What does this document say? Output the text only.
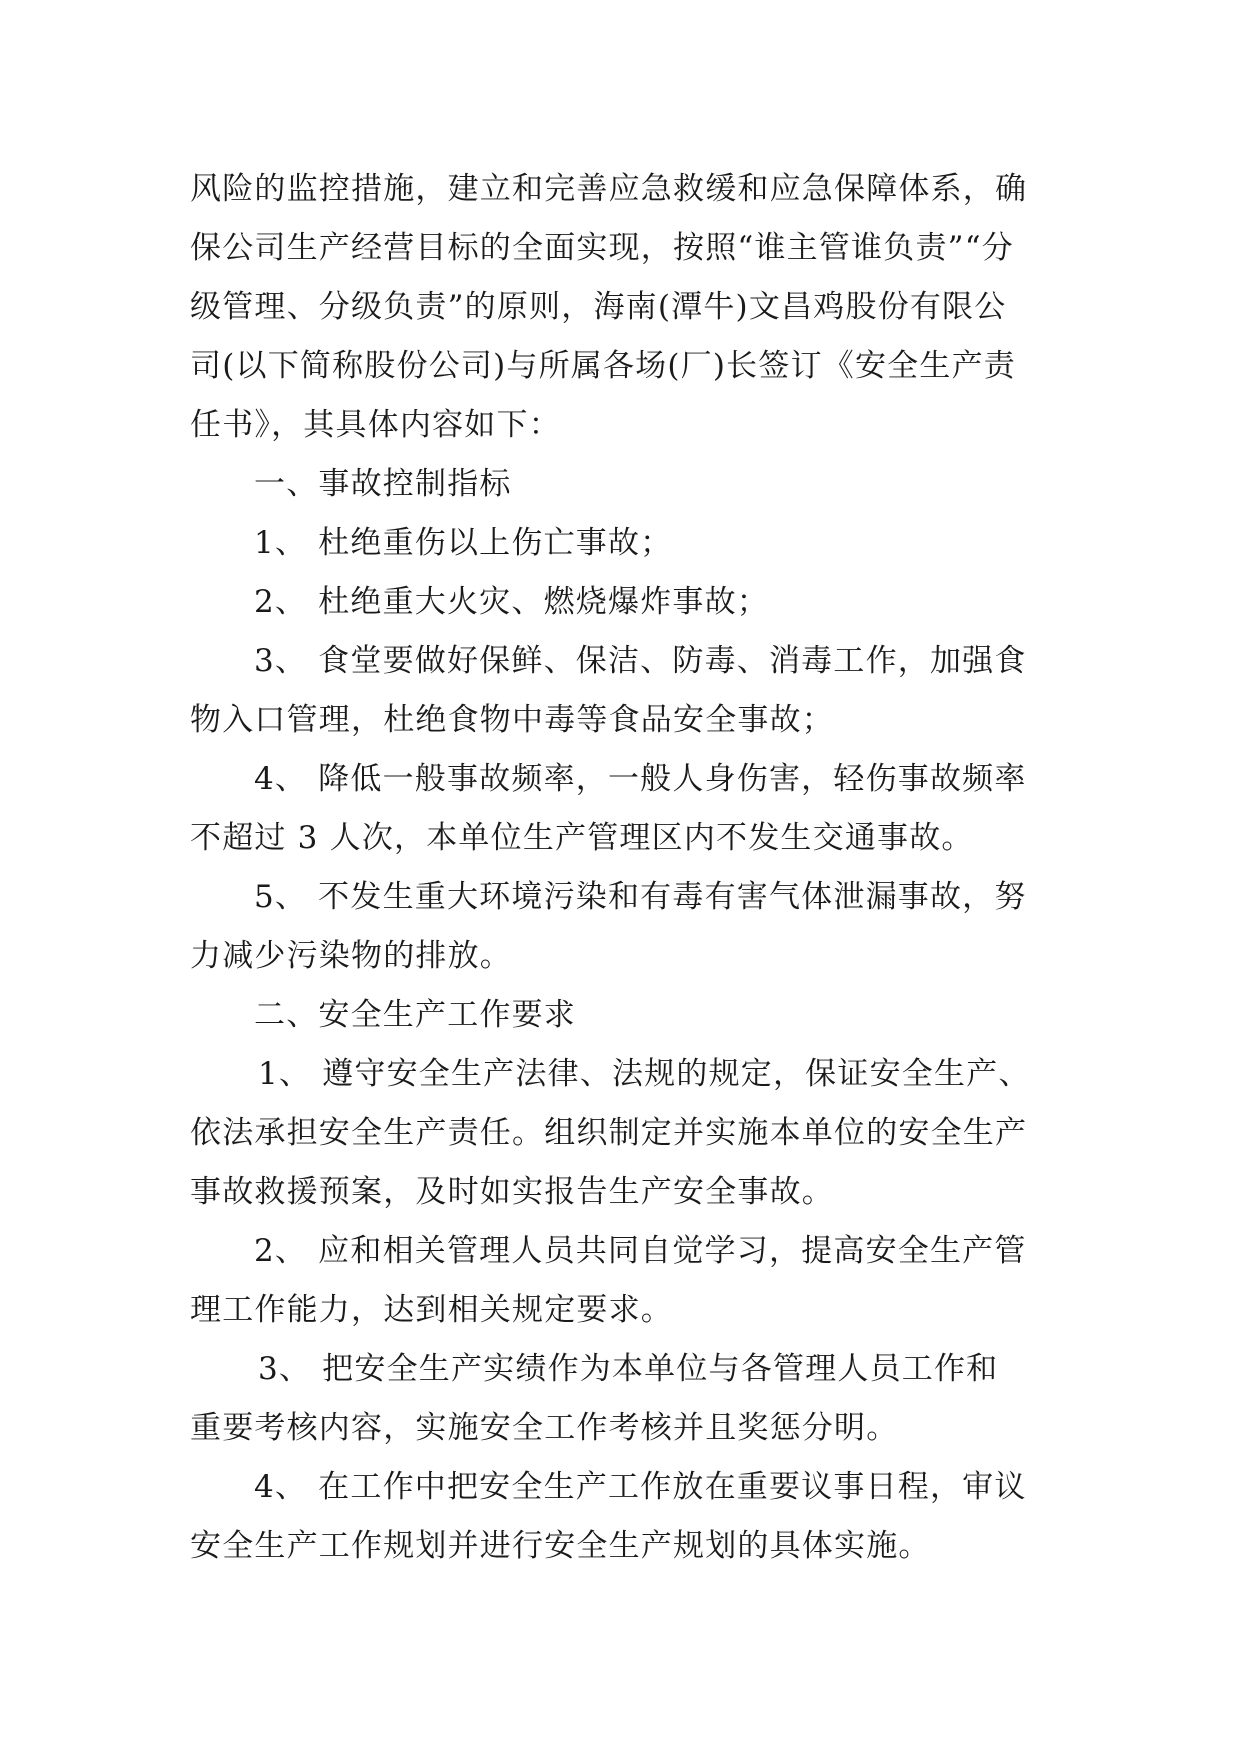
风险的监控措施，建立和完善应急救缓和应急保障体系，确
保公司生产经营目标的全面实现，按照“谁主管谁负责”“分
级管理、分级负责”的原则，海南(潭牛)文昌鸡股份有限公
司(以下简称股份公司)与所属各场(厂)长签订《安全生产责
任书》，其具体内容如下：
一、事故控制指标
1、 杜绝重伤以上伤亡事故；
2、 杜绝重大火灾、燃烧爆炸事故；
3、 食堂要做好保鲜、保洁、防毒、消毒工作，加强食
物入口管理，杜绝食物中毒等食品安全事故；
4、 降低一般事故频率，一般人身伤害，轻伤事故频率
不超过 3 人次，本单位生产管理区内不发生交通事故。
5、 不发生重大环境污染和有毒有害气体泄漏事故，努
力减少污染物的排放。
二、安全生产工作要求
1、 遵守安全生产法律、法规的规定，保证安全生产、
依法承担安全生产责任。组织制定并实施本单位的安全生产
事故救援预案，及时如实报告生产安全事故。
2、 应和相关管理人员共同自觉学习，提高安全生产管
理工作能力，达到相关规定要求。
3、 把安全生产实绩作为本单位与各管理人员工作和
重要考核内容，实施安全工作考核并且奖惩分明。
4、 在工作中把安全生产工作放在重要议事日程，审议
安全生产工作规划并进行安全生产规划的具体实施。
